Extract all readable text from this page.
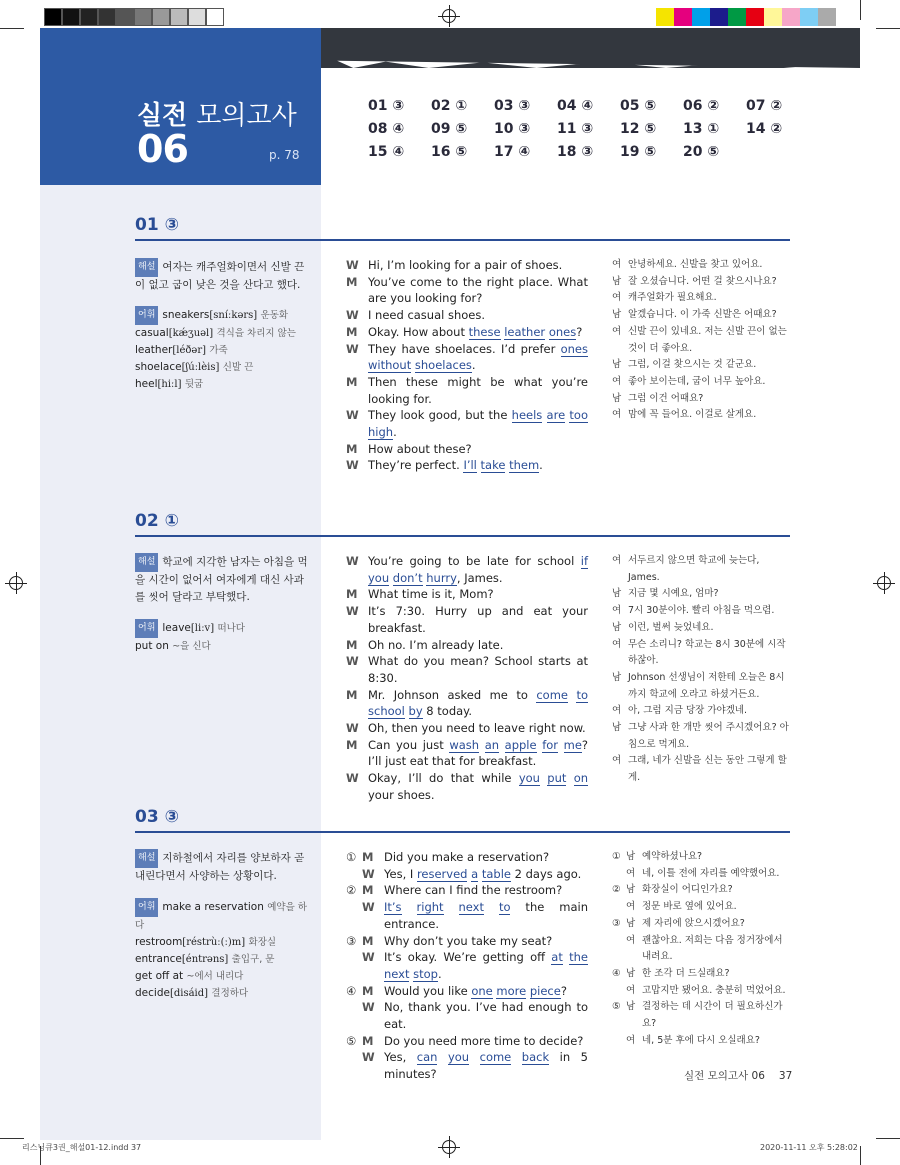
실전 모의고사
06	p. 78
01 ③	02 ①	03 ③	04 ④	05 ⑤	06 ②	07 ②
08 ④	09 ⑤	10 ③	11 ③	12 ⑤	13 ①	14 ②
15 ④	16 ⑤	17 ④	18 ③	19 ⑤	20 ⑤
01 ③
해설 여자는 캐주얼화이면서 신발 끈이 없고 굽이 낮은 것을 산다고 했다.
어휘 sneakers[sníːkərs] 운동화
casual[kǽʒuəl] 격식을 차리지 않는
leather[léðər] 가죽
shoelace[ʃúːlèis] 신발 끈
heel[hiːl] 뒷굽
W Hi, I’m looking for a pair of shoes.
M You’ve come to the right place. What are you looking for?
W I need casual shoes.
M Okay. How about these leather ones?
W They have shoelaces. I’d prefer ones without shoelaces.
M Then these might be what you’re looking for.
W They look good, but the heels are too high.
M How about these?
W They’re perfect. I’ll take them.
여 안녕하세요. 신발을 찾고 있어요.
남 잘 오셨습니다. 어떤 걸 찾으시나요?
여 캐주얼화가 필요해요.
남 알겠습니다. 이 가죽 신발은 어때요?
여 신발 끈이 있네요. 저는 신발 끈이 없는 것이 더 좋아요.
남 그럼, 이걸 찾으시는 것 같군요.
여 좋아 보이는데, 굽이 너무 높아요.
남 그럼 이건 어때요?
여 맘에 꼭 들어요. 이걸로 살게요.
02 ①
해설 학교에 지각한 남자는 아침을 먹을 시간이 없어서 여자에게 대신 사과를 씻어 달라고 부탁했다.
어휘 leave[liːv] 떠나다
put on ~을 신다
W You’re going to be late for school if you don’t hurry, James.
M What time is it, Mom?
W It’s 7:30. Hurry up and eat your breakfast.
M Oh no. I’m already late.
W What do you mean? School starts at 8:30.
M Mr. Johnson asked me to come to school by 8 today.
W Oh, then you need to leave right now.
M Can you just wash an apple for me? I’ll just eat that for breakfast.
W Okay, I’ll do that while you put on your shoes.
여 서두르지 않으면 학교에 늦는다, James.
남 지금 몇 시예요, 엄마?
여 7시 30분이야. 빨리 아침을 먹으렴.
남 이런, 벌써 늦었네요.
여 무슨 소리니? 학교는 8시 30분에 시작하잖아.
남 Johnson 선생님이 저한테 오늘은 8시까지 학교에 오라고 하셨거든요.
여 아, 그럼 지금 당장 가야겠네.
남 그냥 사과 한 개만 씻어 주시겠어요? 아침으로 먹게요.
여 그래, 네가 신발을 신는 동안 그렇게 할게.
03 ③
해설 지하철에서 자리를 양보하자 곧 내린다면서 사양하는 상황이다.
어휘 make a reservation 예약을 하다
restroom[réstrùː(ː)m] 화장실
entrance[éntrəns] 출입구, 문
get off at ~에서 내리다
decide[disáid] 결정하다
① M Did you make a reservation?
W Yes, I reserved a table 2 days ago.
② M Where can I find the restroom?
W It’s right next to the main entrance.
③ M Why don’t you take my seat?
W It’s okay. We’re getting off at the next stop.
④ M Would you like one more piece?
W No, thank you. I’ve had enough to eat.
⑤ M Do you need more time to decide?
W Yes, can you come back in 5 minutes?
① 남 예약하셨나요?
여 네, 이틀 전에 자리를 예약했어요.
② 남 화장실이 어디인가요?
여 정문 바로 옆에 있어요.
③ 남 제 자리에 앉으시겠어요?
여 괜찮아요. 저희는 다음 정거장에서 내려요.
④ 남 한 조각 더 드실래요?
여 고맙지만 됐어요. 충분히 먹었어요.
⑤ 남 결정하는 데 시간이 더 필요하신가요?
여 네, 5분 후에 다시 오실래요?
실전 모의고사 06 37
리스닝큐3권_해설01-12.indd 37	2020-11-11 오후 5:28:02
